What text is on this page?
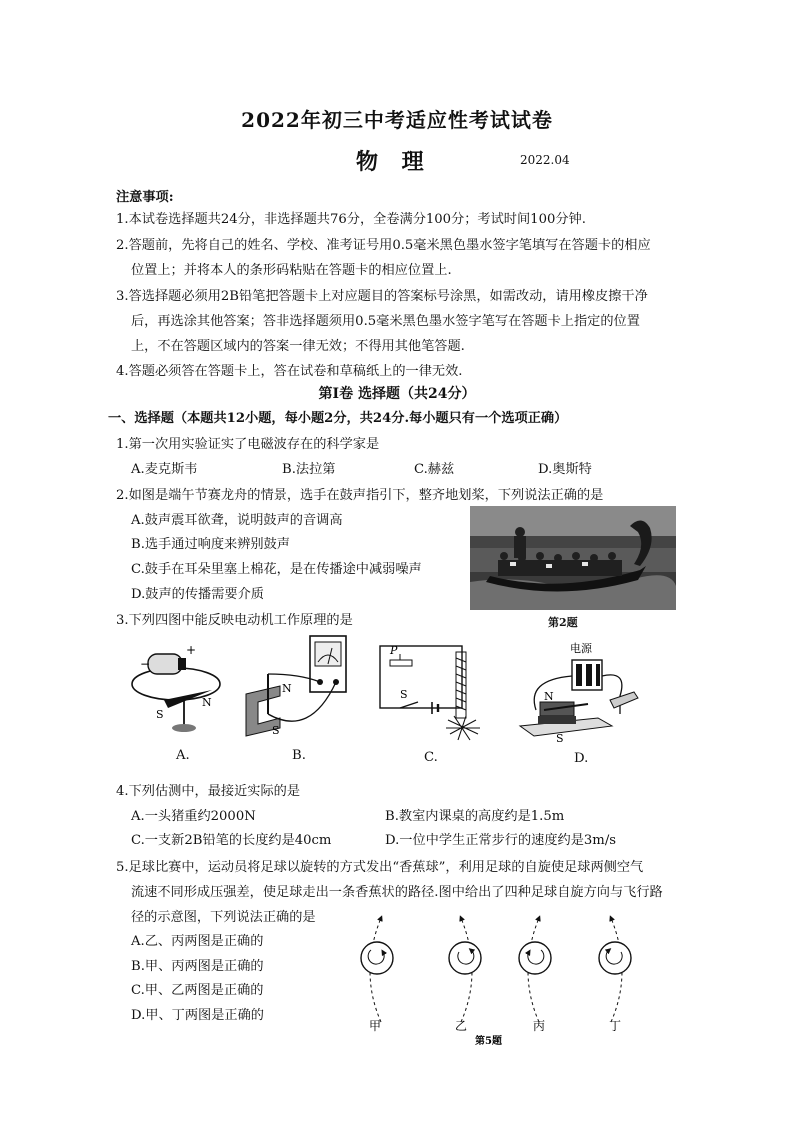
2022年初三中考适应性考试试卷
物 理	2022.04
注意事项:
1.本试卷选择题共24分，非选择题共76分，全卷满分100分；考试时间100分钟.
2.答题前，先将自己的姓名、学校、准考证号用0.5毫米黑色墨水签字笔填写在答题卡的相应
位置上；并将本人的条形码粘贴在答题卡的相应位置上.
3.答选择题必须用2B铅笔把答题卡上对应题目的答案标号涂黑，如需改动，请用橡皮擦干净
后，再选涂其他答案；答非选择题须用0.5毫米黑色墨水签字笔写在答题卡上指定的位置
上，不在答题区域内的答案一律无效；不得用其他笔答题.
4.答题必须答在答题卡上，答在试卷和草稿纸上的一律无效.
第Ⅰ卷 选择题（共24分）
一、选择题（本题共12小题，每小题2分，共24分.每小题只有一个选项正确）
1.第一次用实验证实了电磁波存在的科学家是
A.麦克斯韦	B.法拉第	C.赫兹	D.奥斯特
2.如图是端午节赛龙舟的情景，选手在鼓声指引下，整齐地划桨，下列说法正确的是
A.鼓声震耳欲聋，说明鼓声的音调高
B.选手通过响度来辨别鼓声
C.鼓手在耳朵里塞上棉花，是在传播途中减弱噪声
D.鼓声的传播需要介质
第2题
3.下列四图中能反映电动机工作原理的是
−
+
S
N
A.
N
S
B.
P
S
C.
电源
N
S
D.
4.下列估测中，最接近实际的是
A.一头猪重约2000N	B.教室内课桌的高度约是1.5m
C.一支新2B铅笔的长度约是40cm	D.一位中学生正常步行的速度约是3m/s
5.足球比赛中，运动员将足球以旋转的方式发出“香蕉球”，利用足球的自旋使足球两侧空气
流速不同形成压强差，使足球走出一条香蕉状的路径.图中给出了四种足球自旋方向与飞行路
径的示意图，下列说法正确的是
A.乙、丙两图是正确的
B.甲、丙两图是正确的
C.甲、乙两图是正确的
D.甲、丁两图是正确的
甲	乙	丙	丁
第5题
